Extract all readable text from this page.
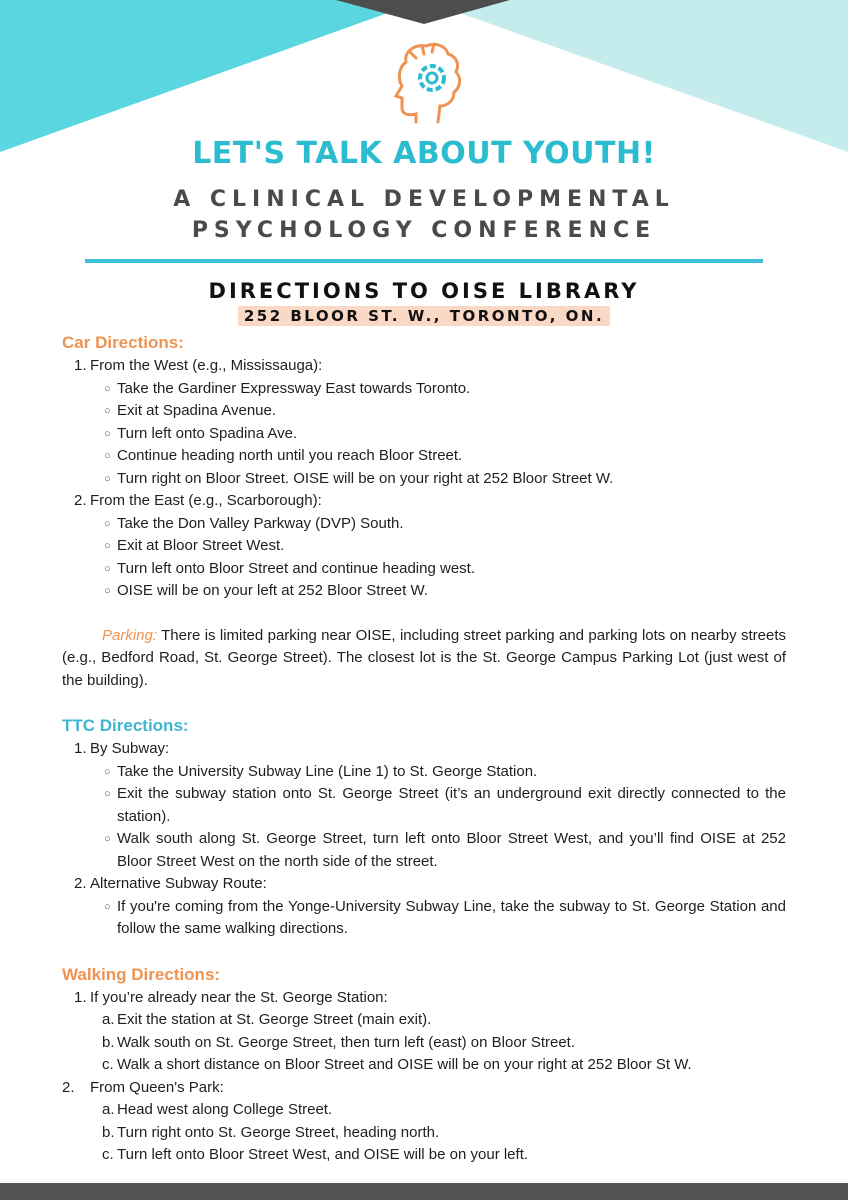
LET'S TALK ABOUT YOUTH!
A CLINICAL DEVELOPMENTAL
PSYCHOLOGY CONFERENCE
DIRECTIONS TO OISE LIBRARY
252 BLOOR ST. W., TORONTO, ON.
Car Directions:
1. From the West (e.g., Mississauga):
○ Take the Gardiner Expressway East towards Toronto.
○ Exit at Spadina Avenue.
○ Turn left onto Spadina Ave.
○ Continue heading north until you reach Bloor Street.
○ Turn right on Bloor Street. OISE will be on your right at 252 Bloor Street W.
2. From the East (e.g., Scarborough):
○ Take the Don Valley Parkway (DVP) South.
○ Exit at Bloor Street West.
○ Turn left onto Bloor Street and continue heading west.
○ OISE will be on your left at 252 Bloor Street W.
Parking: There is limited parking near OISE, including street parking and parking lots on nearby streets (e.g., Bedford Road, St. George Street). The closest lot is the St. George Campus Parking Lot (just west of the building).
TTC Directions:
1. By Subway:
○ Take the University Subway Line (Line 1) to St. George Station.
○ Exit the subway station onto St. George Street (it’s an underground exit directly connected to the station).
○ Walk south along St. George Street, turn left onto Bloor Street West, and you’ll find OISE at 252 Bloor Street West on the north side of the street.
2. Alternative Subway Route:
○ If you're coming from the Yonge-University Subway Line, take the subway to St. George Station and follow the same walking directions.
Walking Directions:
1. If you’re already near the St. George Station:
a. Exit the station at St. George Street (main exit).
b. Walk south on St. George Street, then turn left (east) on Bloor Street.
c. Walk a short distance on Bloor Street and OISE will be on your right at 252 Bloor St W.
2. From Queen's Park:
a. Head west along College Street.
b. Turn right onto St. George Street, heading north.
c. Turn left onto Bloor Street West, and OISE will be on your left.
